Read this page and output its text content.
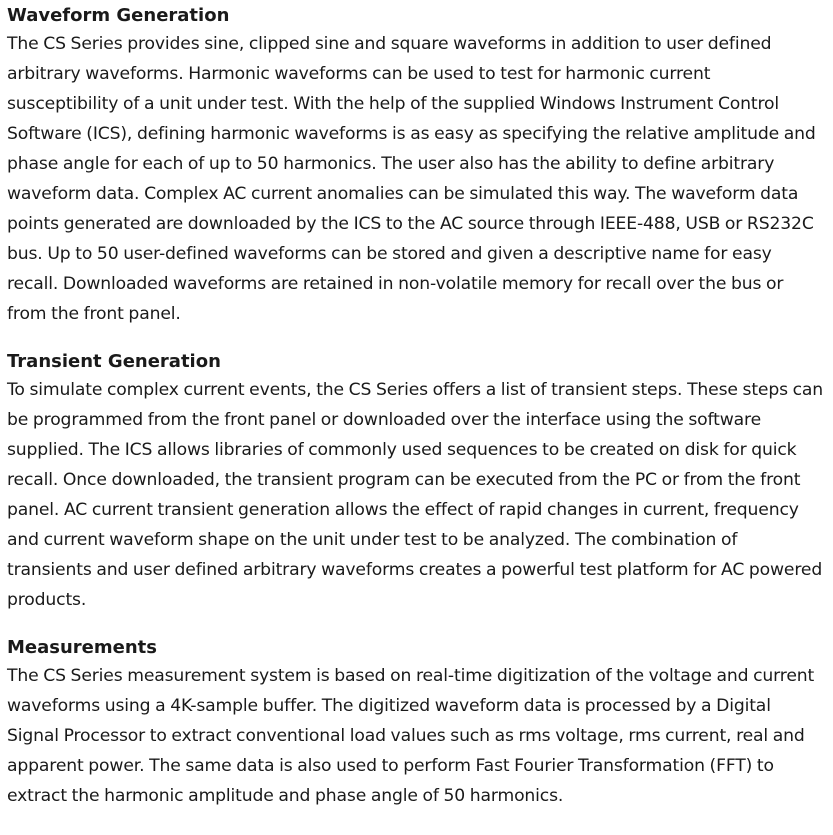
Waveform Generation

The CS Series provides sine, clipped sine and square waveforms in addition to user defined arbitrary waveforms. Harmonic waveforms can be used to test for harmonic current susceptibility of a unit under test. With the help of the supplied Windows Instrument Control Software (ICS), defining harmonic waveforms is as easy as specifying the relative amplitude and phase angle for each of up to 50 harmonics. The user also has the ability to define arbitrary waveform data. Complex AC current anomalies can be simulated this way. The waveform data points generated are downloaded by the ICS to the AC source through IEEE-488, USB or RS232C bus. Up to 50 user-defined waveforms can be stored and given a descriptive name for easy recall. Downloaded waveforms are retained in non-volatile memory for recall over the bus or from the front panel.

Transient Generation

To simulate complex current events, the CS Series offers a list of transient steps. These steps can be programmed from the front panel or downloaded over the interface using the software supplied. The ICS allows libraries of commonly used sequences to be created on disk for quick recall. Once downloaded, the transient program can be executed from the PC or from the front panel. AC current transient generation allows the effect of rapid changes in current, frequency and current waveform shape on the unit under test to be analyzed. The combination of transients and user defined arbitrary waveforms creates a powerful test platform for AC powered products.

Measurements

The CS Series measurement system is based on real-time digitization of the voltage and current waveforms using a 4K-sample buffer. The digitized waveform data is processed by a Digital Signal Processor to extract conventional load values such as rms voltage, rms current, real and apparent power. The same data is also used to perform Fast Fourier Transformation (FFT) to extract the harmonic amplitude and phase angle of 50 harmonics.
